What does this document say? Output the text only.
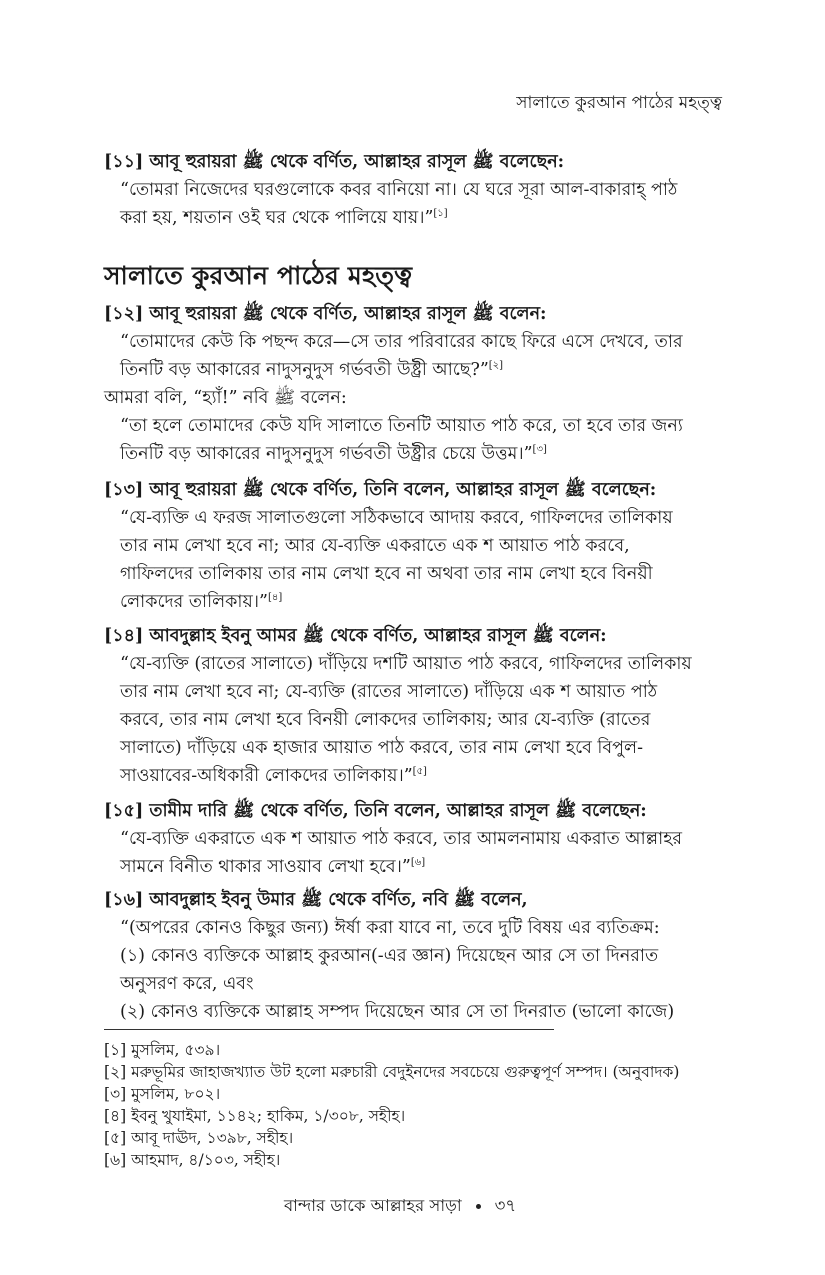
সালাতে কুরআন পাঠের মহত্ত্ব
[১১] আবূ হুরায়রা ﷺ থেকে বর্ণিত, আল্লাহর রাসূল ﷺ বলেছেন:
“তোমরা নিজেদের ঘরগুলোকে কবর বানিয়ো না। যে ঘরে সূরা আল-বাকারাহ্ পাঠ
করা হয়, শয়তান ওই ঘর থেকে পালিয়ে যায়।”[১]
সালাতে কুরআন পাঠের মহত্ত্ব
[১২] আবূ হুরায়রা ﷺ থেকে বর্ণিত, আল্লাহর রাসূল ﷺ বলেন:
“তোমাদের কেউ কি পছন্দ করে—সে তার পরিবারের কাছে ফিরে এসে দেখবে, তার
তিনটি বড় আকারের নাদুসনুদুস গর্ভবতী উষ্ট্রী আছে?”[২]
আমরা বলি, “হ্যাঁ!” নবি ﷺ বলেন:
“তা হলে তোমাদের কেউ যদি সালাতে তিনটি আয়াত পাঠ করে, তা হবে তার জন্য
তিনটি বড় আকারের নাদুসনুদুস গর্ভবতী উষ্ট্রীর চেয়ে উত্তম।”[৩]
[১৩] আবূ হুরায়রা ﷺ থেকে বর্ণিত, তিনি বলেন, আল্লাহর রাসূল ﷺ বলেছেন:
“যে-ব্যক্তি এ ফরজ সালাতগুলো সঠিকভাবে আদায় করবে, গাফিলদের তালিকায়
তার নাম লেখা হবে না; আর যে-ব্যক্তি একরাতে এক শ আয়াত পাঠ করবে,
গাফিলদের তালিকায় তার নাম লেখা হবে না অথবা তার নাম লেখা হবে বিনয়ী
লোকদের তালিকায়।”[৪]
[১৪] আবদুল্লাহ ইবনু আমর ﷺ থেকে বর্ণিত, আল্লাহর রাসূল ﷺ বলেন:
“যে-ব্যক্তি (রাতের সালাতে) দাঁড়িয়ে দশটি আয়াত পাঠ করবে, গাফিলদের তালিকায়
তার নাম লেখা হবে না; যে-ব্যক্তি (রাতের সালাতে) দাঁড়িয়ে এক শ আয়াত পাঠ
করবে, তার নাম লেখা হবে বিনয়ী লোকদের তালিকায়; আর যে-ব্যক্তি (রাতের
সালাতে) দাঁড়িয়ে এক হাজার আয়াত পাঠ করবে, তার নাম লেখা হবে বিপুল-
সাওয়াবের-অধিকারী লোকদের তালিকায়।”[৫]
[১৫] তামীম দারি ﷺ থেকে বর্ণিত, তিনি বলেন, আল্লাহর রাসূল ﷺ বলেছেন:
“যে-ব্যক্তি একরাতে এক শ আয়াত পাঠ করবে, তার আমলনামায় একরাত আল্লাহর
সামনে বিনীত থাকার সাওয়াব লেখা হবে।”[৬]
[১৬] আবদুল্লাহ ইবনু উমার ﷺ থেকে বর্ণিত, নবি ﷺ বলেন,
“(অপরের কোনও কিছুর জন্য) ঈর্ষা করা যাবে না, তবে দুটি বিষয় এর ব্যতিক্রম:
(১) কোনও ব্যক্তিকে আল্লাহ কুরআন(-এর জ্ঞান) দিয়েছেন আর সে তা দিনরাত
অনুসরণ করে, এবং
(২) কোনও ব্যক্তিকে আল্লাহ সম্পদ দিয়েছেন আর সে তা দিনরাত (ভালো কাজে)
[১] মুসলিম, ৫৩৯।
[২] মরুভূমির জাহাজখ্যাত উট হলো মরুচারী বেদুইনদের সবচেয়ে গুরুত্বপূর্ণ সম্পদ। (অনুবাদক)
[৩] মুসলিম, ৮০২।
[৪] ইবনু খুযাইমা, ১১৪২; হাকিম, ১/৩০৮, সহীহ।
[৫] আবূ দাঊদ, ১৩৯৮, সহীহ।
[৬] আহমাদ, ৪/১০৩, সহীহ।
বান্দার ডাকে আল্লাহর সাড়া ৩৭
